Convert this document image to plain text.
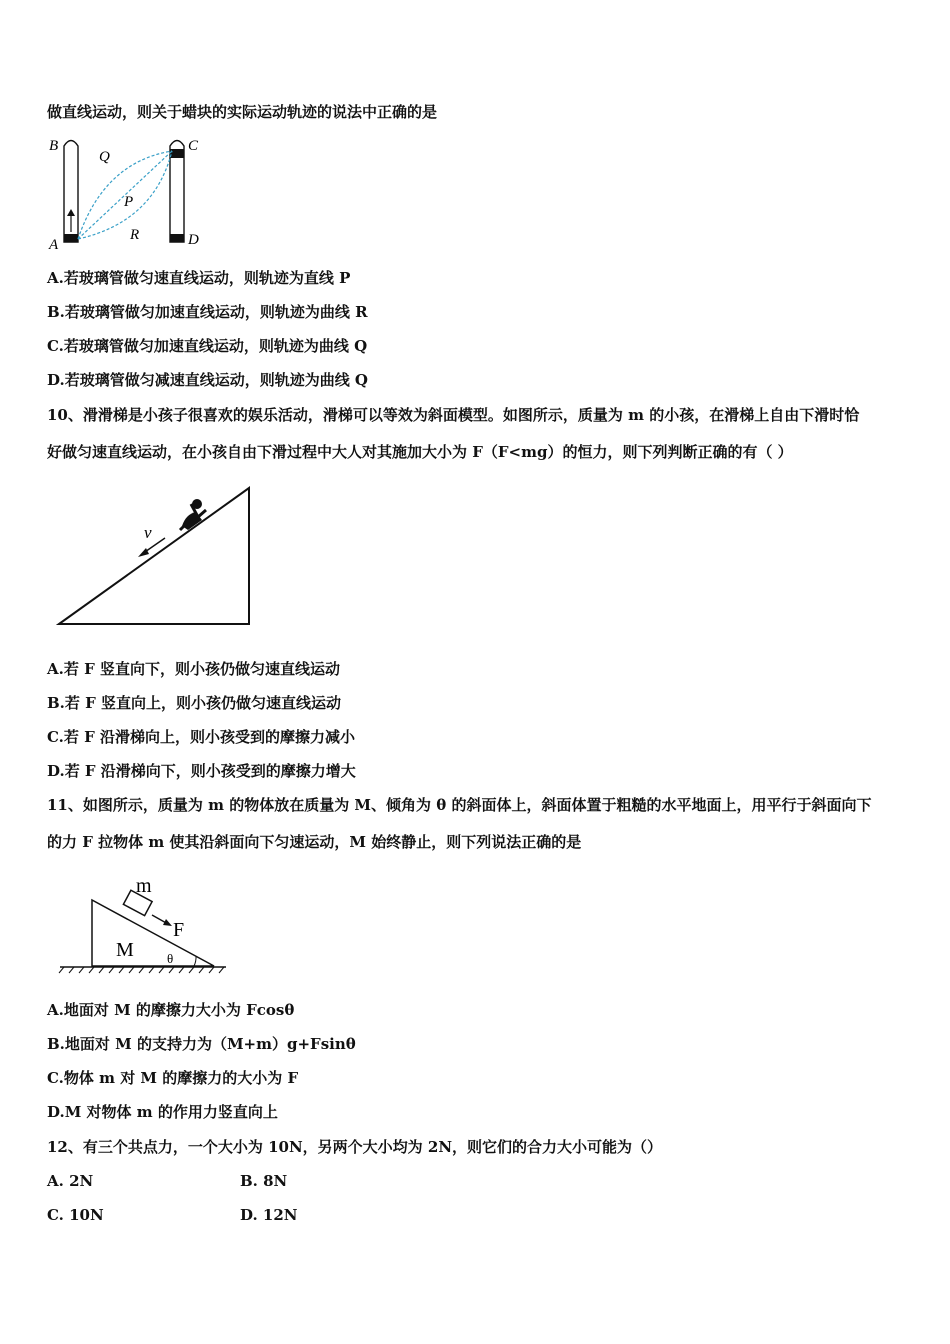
做直线运动，则关于蜡块的实际运动轨迹的说法中正确的是
B
Q
C
P
A
R	D
A.若玻璃管做匀速直线运动，则轨迹为直线 P
B.若玻璃管做匀加速直线运动，则轨迹为曲线 R
C.若玻璃管做匀加速直线运动，则轨迹为曲线 Q
D.若玻璃管做匀减速直线运动，则轨迹为曲线 Q
10、滑滑梯是小孩子很喜欢的娱乐活动，滑梯可以等效为斜面模型。如图所示，质量为 m 的小孩，在滑梯上自由下滑时恰
好做匀速直线运动，在小孩自由下滑过程中大人对其施加大小为 F（F<mg）的恒力，则下列判断正确的有（ ）
v
A.若 F 竖直向下，则小孩仍做匀速直线运动
B.若 F 竖直向上，则小孩仍做匀速直线运动
C.若 F 沿滑梯向上，则小孩受到的摩擦力减小
D.若 F 沿滑梯向下，则小孩受到的摩擦力增大
11、如图所示，质量为 m 的物体放在质量为 M、倾角为 θ 的斜面体上，斜面体置于粗糙的水平地面上，用平行于斜面向下
的力 F 拉物体 m 使其沿斜面向下匀速运动，M 始终静止，则下列说法正确的是
m
F
M	θ
A.地面对 M 的摩擦力大小为 Fcosθ
B.地面对 M 的支持力为（M+m）g+Fsinθ
C.物体 m 对 M 的摩擦力的大小为 F
D.M 对物体 m 的作用力竖直向上
12、有三个共点力，一个大小为 10N，另两个大小均为 2N，则它们的合力大小可能为（）
A. 2N	B. 8N
C. 10N	D. 12N
